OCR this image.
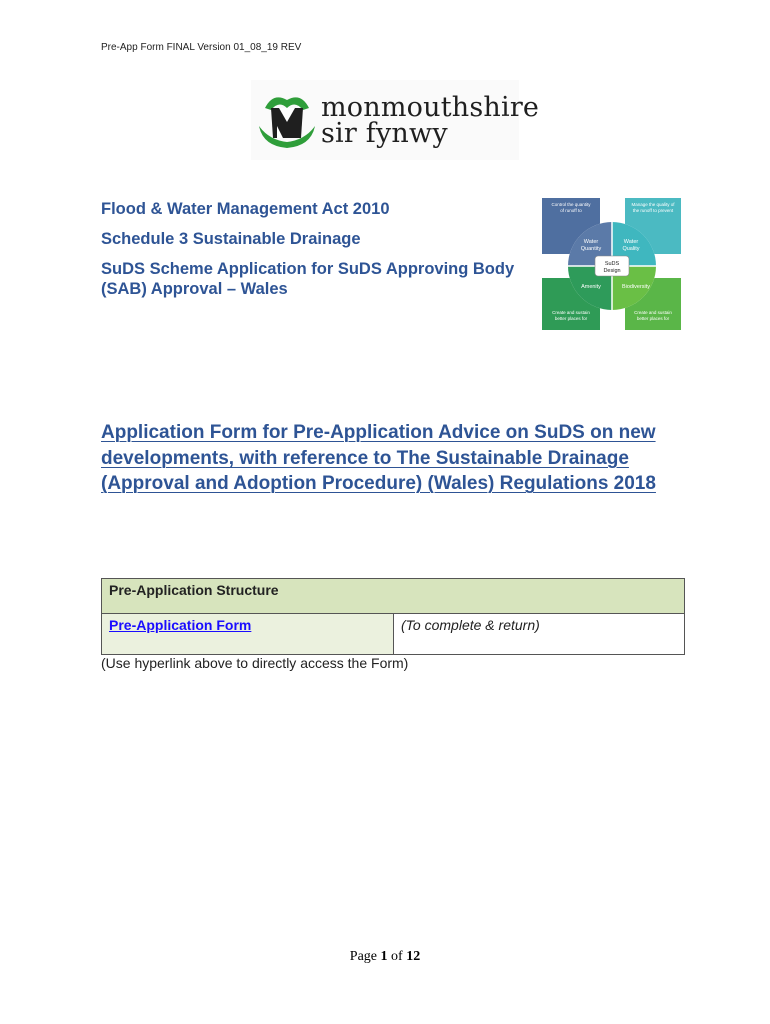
Pre-App Form FINAL Version 01_08_19 REV
monmouthshire
sir fynwy
Flood & Water Management Act 2010
Schedule 3 Sustainable Drainage
SuDS Scheme Application for SuDS Approving Body (SAB) Approval – Wales
Control the quantity
of runoff to
Manage the quality of
the runoff to prevent
Create and sustain
better places for
Create and sustain
better places for
Water
Quantity
Water
Quality
Amenity	Biodiversity
SuDS
Design
Application Form for Pre-Application Advice on SuDS on new developments, with reference to The Sustainable Drainage (Approval and Adoption Procedure) (Wales) Regulations 2018
Pre-Application Structure
Pre-Application Form	(To complete & return)
(Use hyperlink above to directly access the Form)
Page 1 of 12
